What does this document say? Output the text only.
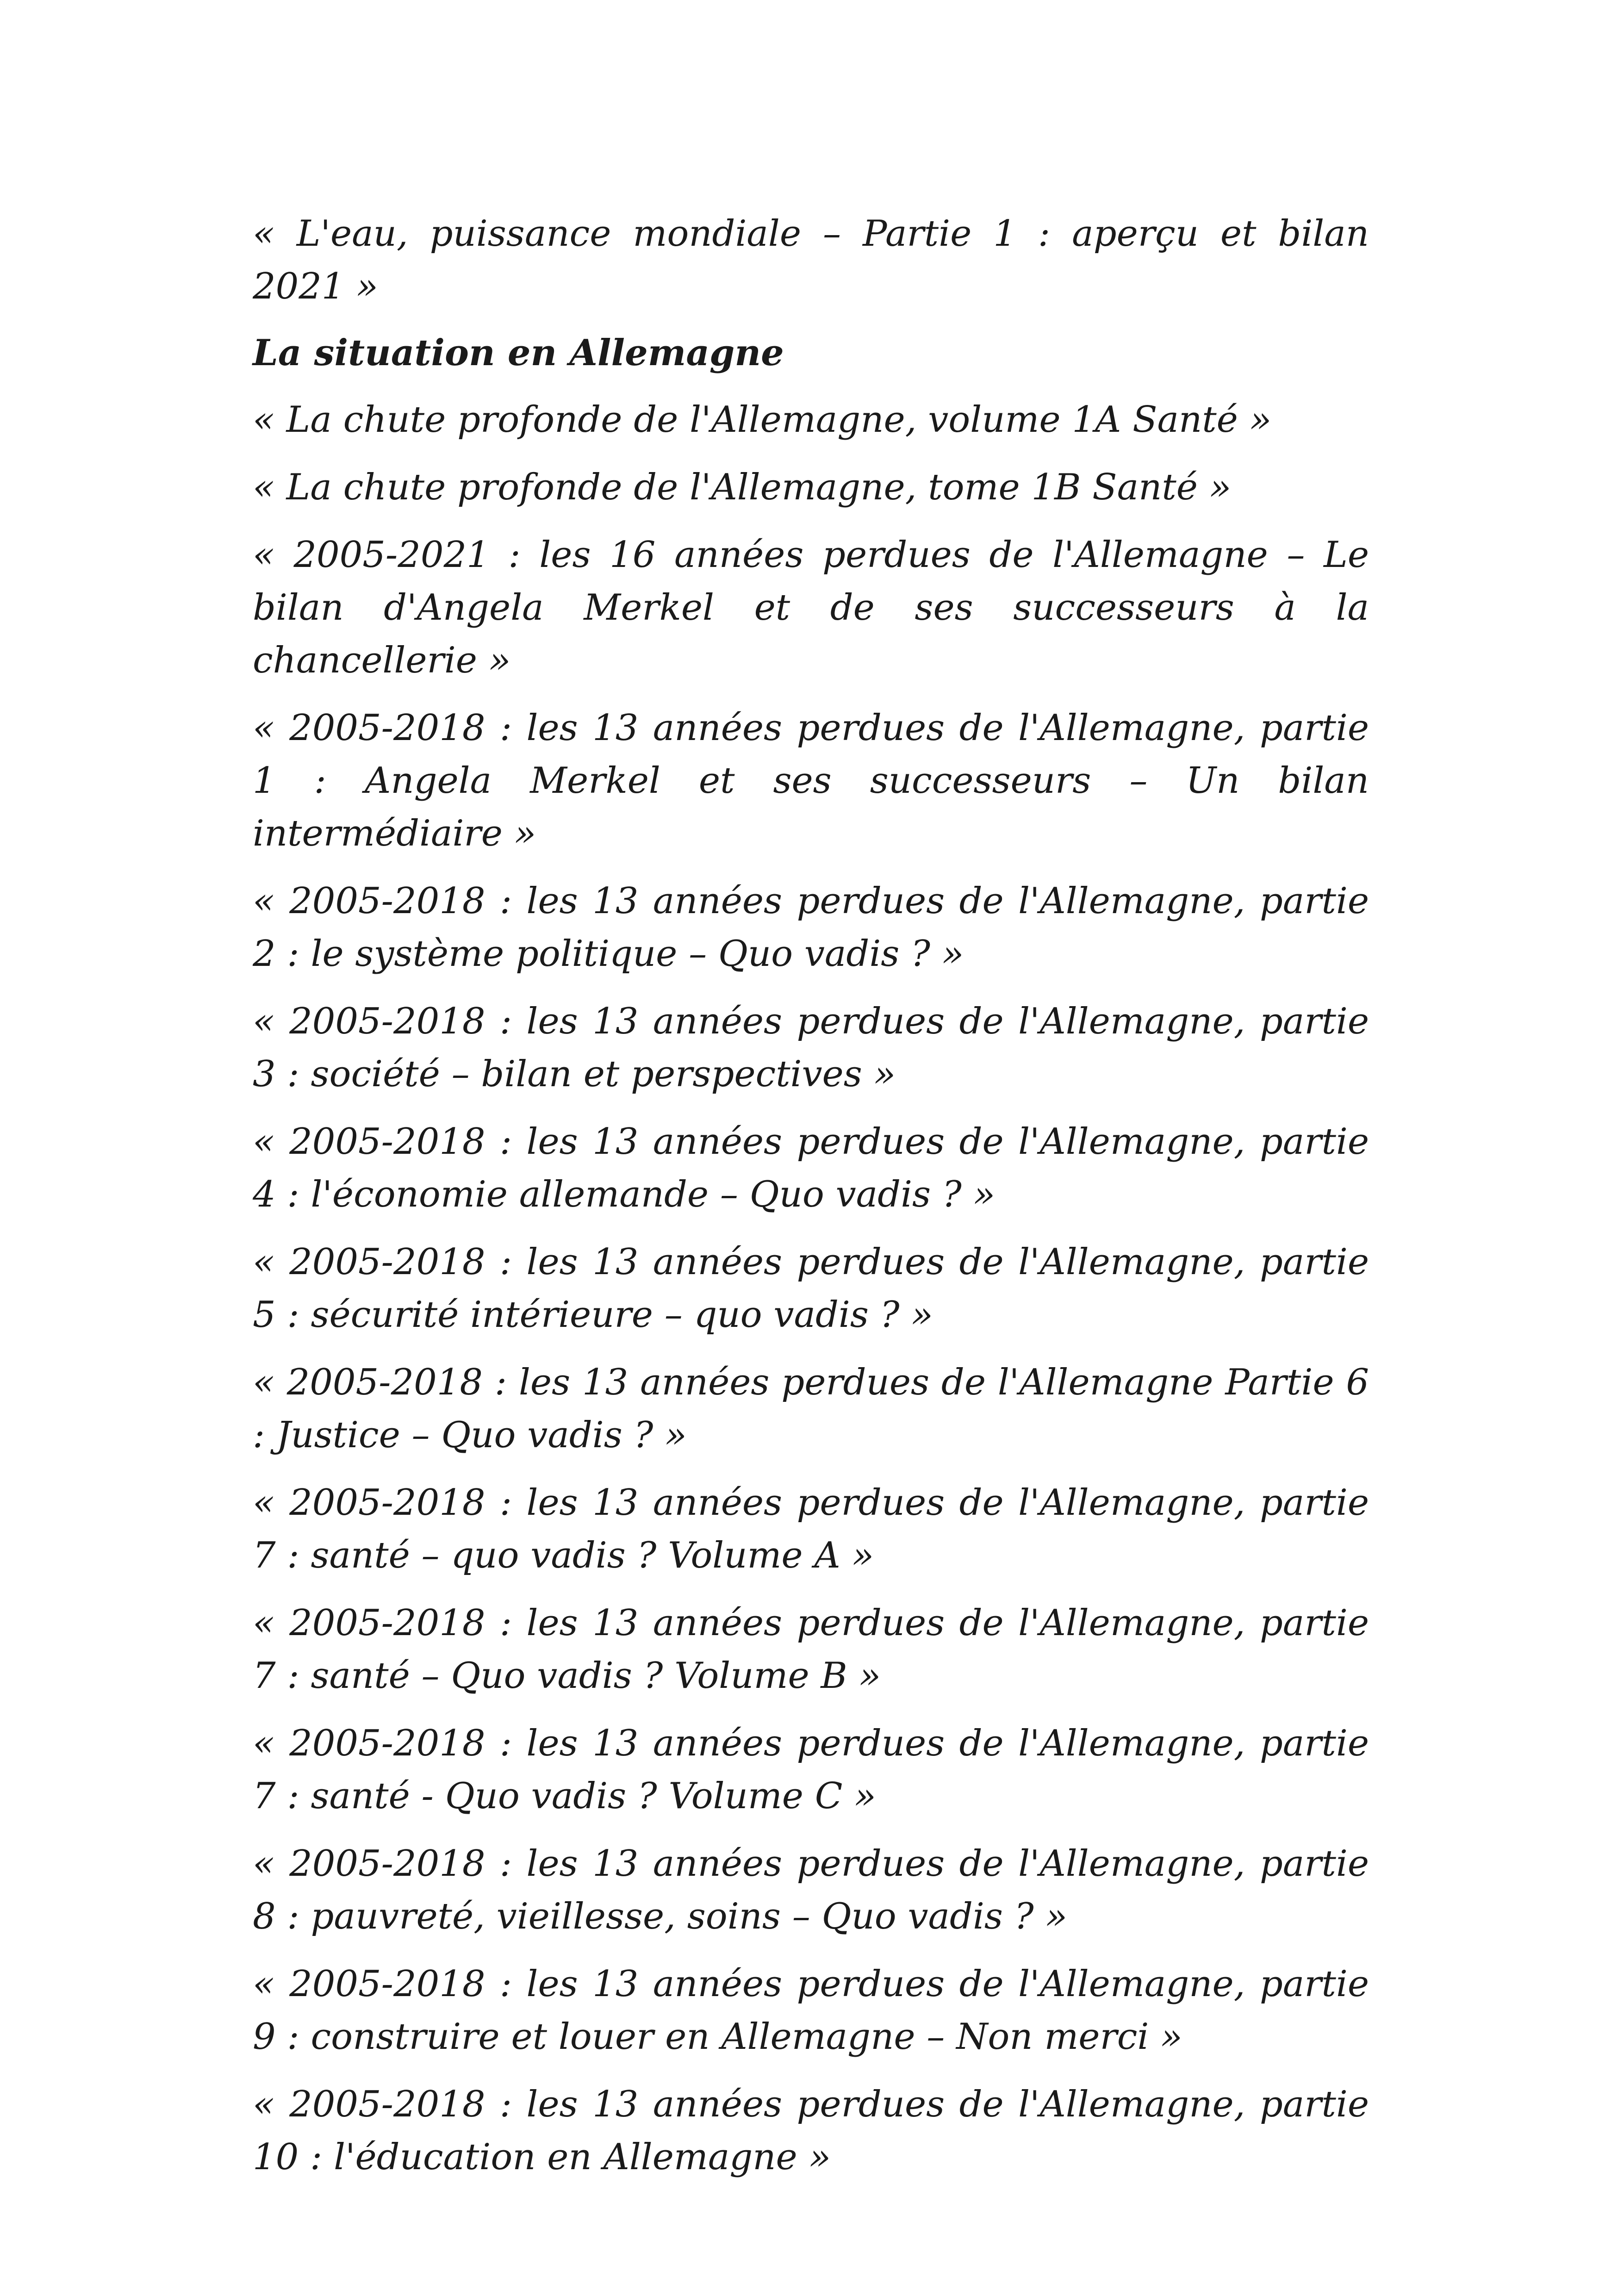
« L'eau, puissance mondiale – Partie 1 : aperçu et bilan 2021 »

La situation en Allemagne

« La chute profonde de l'Allemagne, volume 1A Santé »

« La chute profonde de l'Allemagne, tome 1B Santé »

« 2005-2021 : les 16 années perdues de l'Allemagne – Le bilan d'Angela Merkel et de ses successeurs à la chancellerie »

« 2005-2018 : les 13 années perdues de l'Allemagne, partie 1 : Angela Merkel et ses successeurs – Un bilan intermédiaire »

« 2005-2018 : les 13 années perdues de l'Allemagne, partie 2 : le système politique – Quo vadis ? »

« 2005-2018 : les 13 années perdues de l'Allemagne, partie 3 : société – bilan et perspectives »

« 2005-2018 : les 13 années perdues de l'Allemagne, partie 4 : l'économie allemande – Quo vadis ? »

« 2005-2018 : les 13 années perdues de l'Allemagne, partie 5 : sécurité intérieure – quo vadis ? »

« 2005-2018 : les 13 années perdues de l'Allemagne Partie 6 : Justice – Quo vadis ? »

« 2005-2018 : les 13 années perdues de l'Allemagne, partie 7 : santé – quo vadis ? Volume A »

« 2005-2018 : les 13 années perdues de l'Allemagne, partie 7 : santé – Quo vadis ? Volume B »

« 2005-2018 : les 13 années perdues de l'Allemagne, partie 7 : santé - Quo vadis ? Volume C »

« 2005-2018 : les 13 années perdues de l'Allemagne, partie 8 : pauvreté, vieillesse, soins – Quo vadis ? »

« 2005-2018 : les 13 années perdues de l'Allemagne, partie 9 : construire et louer en Allemagne – Non merci »

« 2005-2018 : les 13 années perdues de l'Allemagne, partie 10 : l'éducation en Allemagne »
